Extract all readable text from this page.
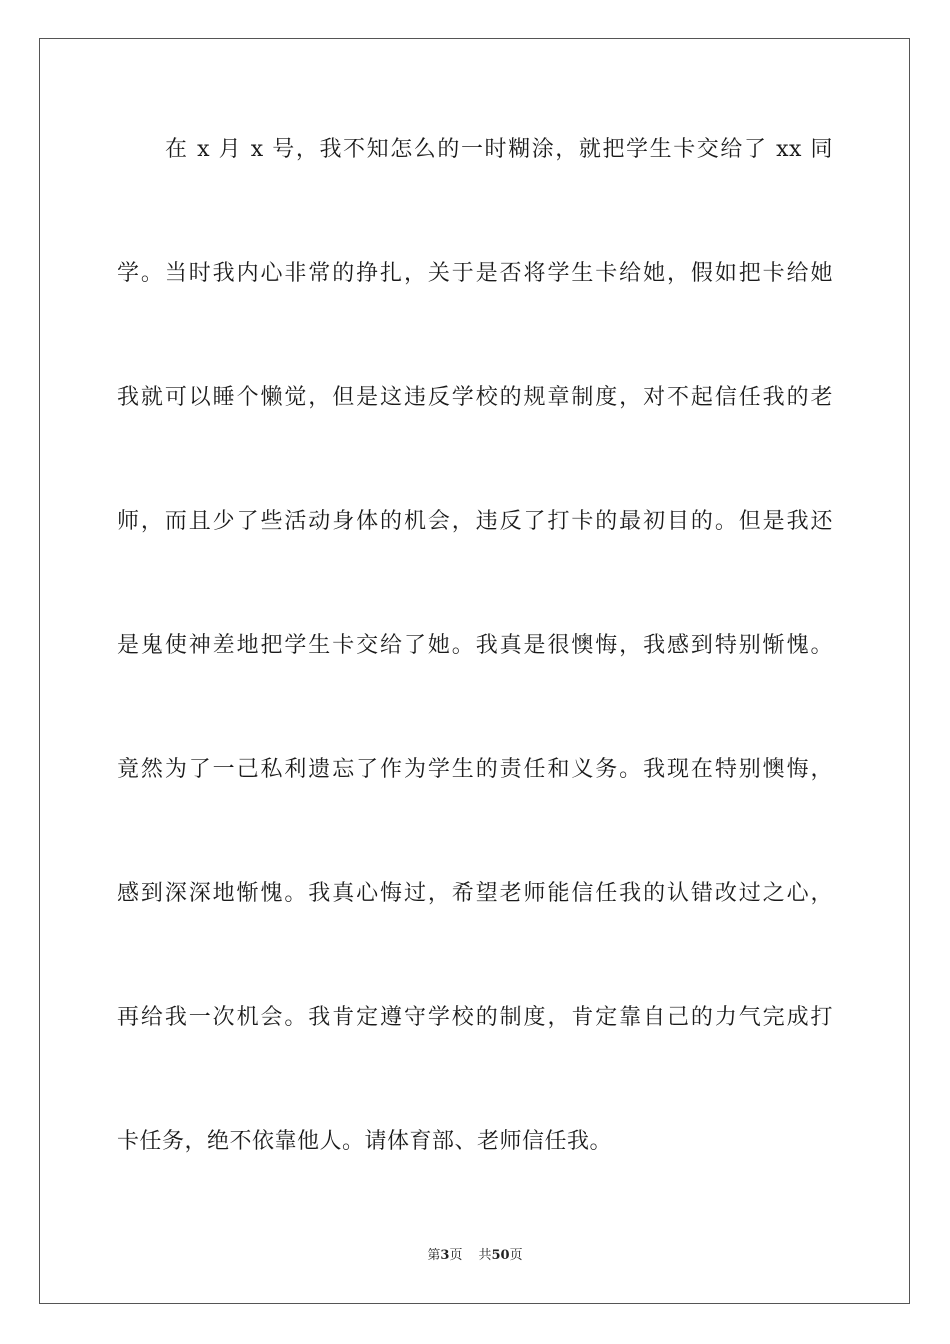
在 x 月 x 号，我不知怎么的一时糊涂，就把学生卡交给了 xx 同
学。当时我内心非常的挣扎，关于是否将学生卡给她，假如把卡给她
我就可以睡个懒觉，但是这违反学校的规章制度，对不起信任我的老
师，而且少了些活动身体的机会，违反了打卡的最初目的。但是我还
是鬼使神差地把学生卡交给了她。我真是很懊悔，我感到特别惭愧。
竟然为了一己私利遗忘了作为学生的责任和义务。我现在特别懊悔，
感到深深地惭愧。我真心悔过，希望老师能信任我的认错改过之心，
再给我一次机会。我肯定遵守学校的制度，肯定靠自己的力气完成打
卡任务，绝不依靠他人。请体育部、老师信任我。
第3页 共50页
